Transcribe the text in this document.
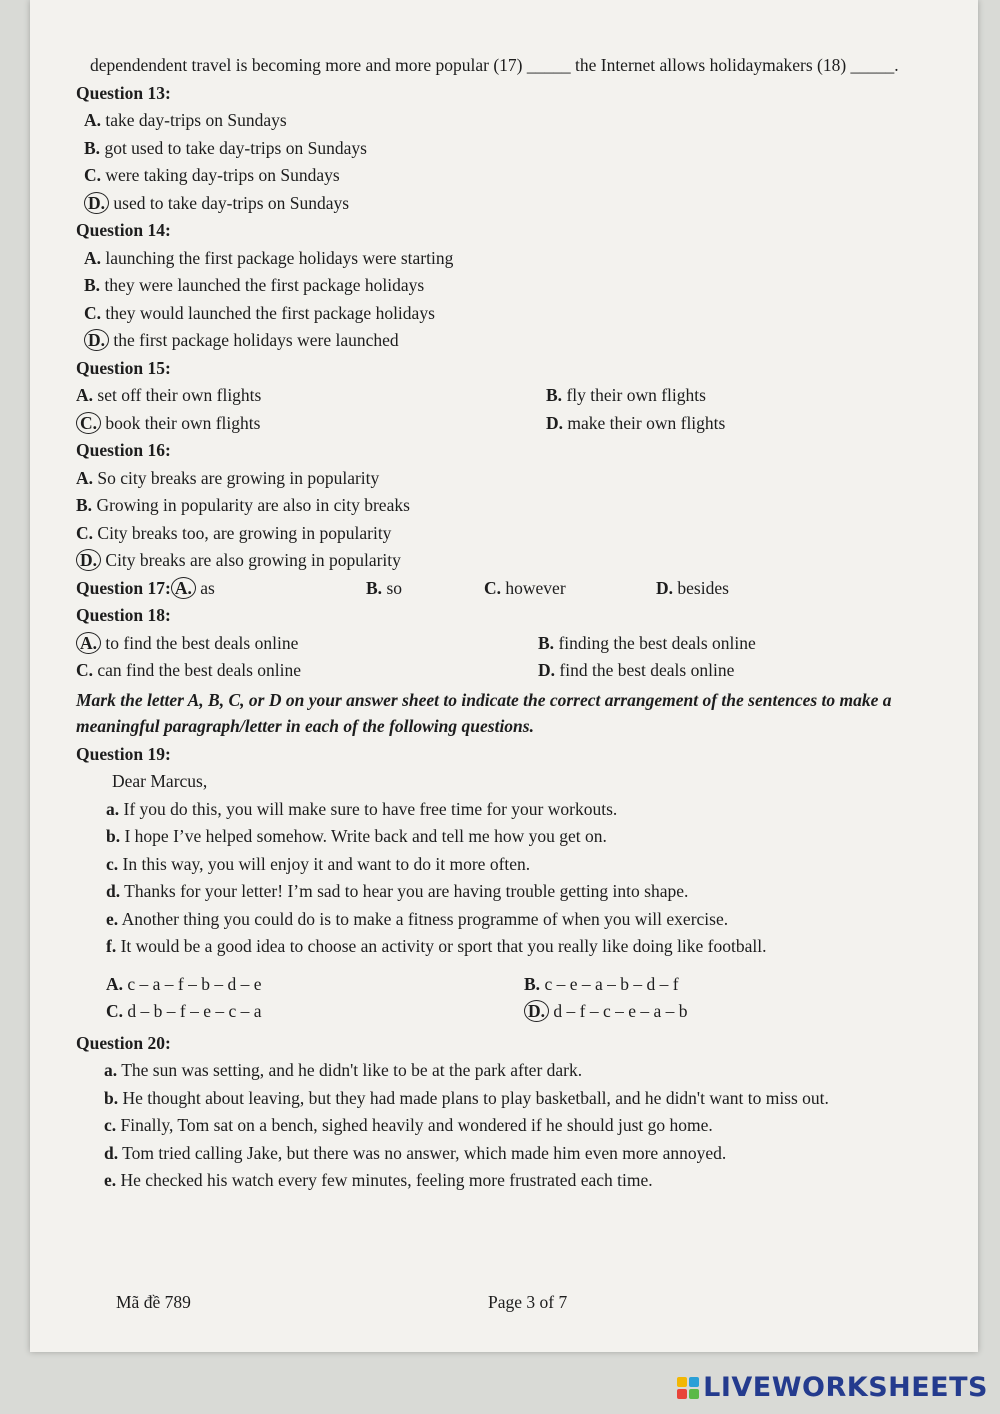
dependendent travel is becoming more and more popular (17) _____ the Internet allows holidaymakers (18) _____.

Question 13:

A. take day-trips on Sundays
B. got used to take day-trips on Sundays
C. were taking day-trips on Sundays
D. used to take day-trips on Sundays

Question 14:

A. launching the first package holidays were starting
B. they were launched the first package holidays
C. they would launched the first package holidays
D. the first package holidays were launched

Question 15:

A. set off their own flights	B. fly their own flights
C. book their own flights	D. make their own flights

Question 16:

A. So city breaks are growing in popularity
B. Growing in popularity are also in city breaks
C. City breaks too, are growing in popularity
D. City breaks are also growing in popularity
Question 17: A. as	B. so	C. however	D. besides

Question 18:

A. to find the best deals online	B. finding the best deals online
C. can find the best deals online	D. find the best deals online

Mark the letter A, B, C, or D on your answer sheet to indicate the correct arrangement of the sentences to make a meaningful paragraph/letter in each of the following questions.

Question 19:

Dear Marcus,
a. If you do this, you will make sure to have free time for your workouts.
b. I hope I’ve helped somehow. Write back and tell me how you get on.
c. In this way, you will enjoy it and want to do it more often.
d. Thanks for your letter! I’m sad to hear you are having trouble getting into shape.
e. Another thing you could do is to make a fitness programme of when you will exercise.
f. It would be a good idea to choose an activity or sport that you really like doing like football.
A. c – a – f – b – d – e	B. c – e – a – b – d – f
C. d – b – f – e – c – a	D. d – f – c – e – a – b

Question 20:

a. The sun was setting, and he didn't like to be at the park after dark.
b. He thought about leaving, but they had made plans to play basketball, and he didn't want to miss out.
c. Finally, Tom sat on a bench, sighed heavily and wondered if he should just go home.
d. Tom tried calling Jake, but there was no answer, which made him even more annoyed.
e. He checked his watch every few minutes, feeling more frustrated each time.
Mã đề 789	Page 3 of 7
LIVEWORKSHEETS
